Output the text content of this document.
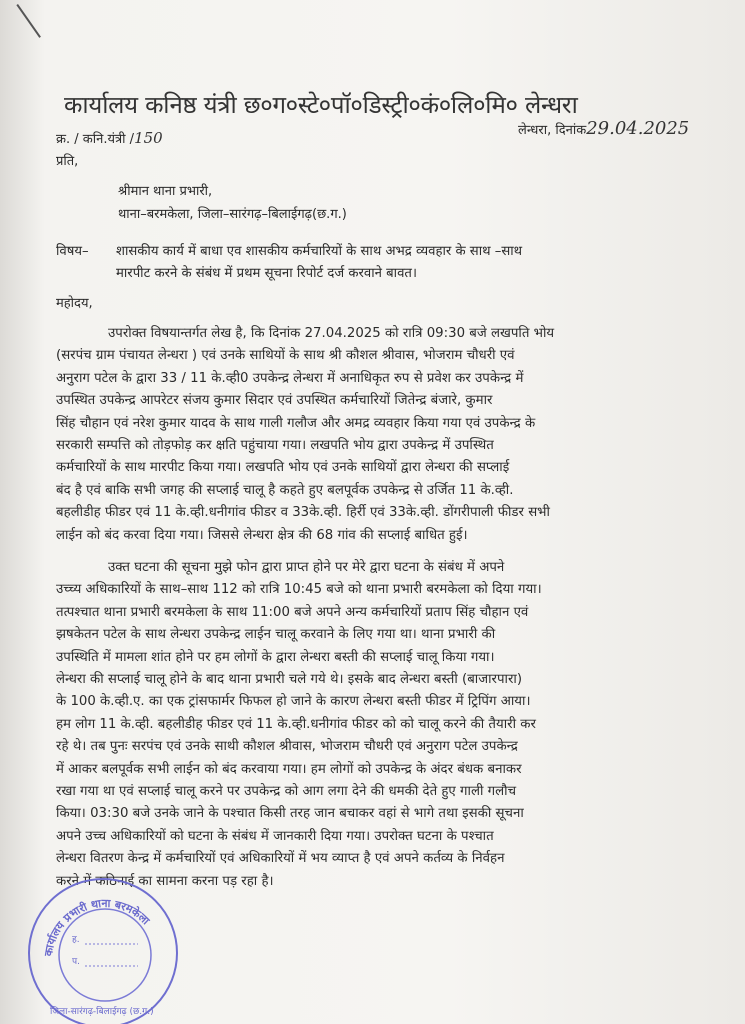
कार्यालय कनिष्ठ यंत्री छ०ग०स्टे०पॉ०डिस्ट्री०कं०लि०मि० लेन्धरा
क्र. / कनि.यंत्री /150	लेन्धरा, दिनांक29.04.2025
प्रति,
श्रीमान थाना प्रभारी,
थाना–बरमकेला, जिला–सारंगढ़–बिलाईगढ़(छ.ग.)
विषय– शासकीय कार्य में बाधा एव शासकीय कर्मचारियों के साथ अभद्र व्यवहार के साथ –साथ
मारपीट करने के संबंध में प्रथम सूचना रिपोर्ट दर्ज करवाने बावत।
महोदय,
उपरोक्त विषयान्तर्गत लेख है, कि दिनांक 27.04.2025 को रात्रि 09:30 बजे लखपति भोय
(सरपंच ग्राम पंचायत लेन्धरा ) एवं उनके साथियों के साथ श्री कौशल श्रीवास, भोजराम चौधरी एवं
अनुराग पटेल के द्वारा 33 / 11 के.व्ही0 उपकेन्द्र लेन्धरा में अनाधिकृत रुप से प्रवेश कर उपकेन्द्र में
उपस्थित उपकेन्द्र आपरेटर संजय कुमार सिदार एवं उपस्थित कर्मचारियों जितेन्द्र बंजारे, कुमार
सिंह चौहान एवं नरेश कुमार यादव के साथ गाली गलौज और अमद्र व्यवहार किया गया एवं उपकेन्द्र के
सरकारी सम्पत्ति को तोड़फोड़ कर क्षति पहुंचाया गया। लखपति भोय द्वारा उपकेन्द्र में उपस्थित
कर्मचारियों के साथ मारपीट किया गया। लखपति भोय एवं उनके साथियों द्वारा लेन्धरा की सप्लाई
बंद है एवं बाकि सभी जगह की सप्लाई चालू है कहते हुए बलपूर्वक उपकेन्द्र से उर्जित 11 के.व्ही.
बहलीडीह फीडर एवं 11 के.व्ही.धनीगांव फीडर व 33के.व्ही. हिर्री एवं 33के.व्ही. डोंगरीपाली फीडर सभी
लाईन को बंद करवा दिया गया। जिससे लेन्धरा क्षेत्र की 68 गांव की सप्लाई बाधित हुई।
उक्त घटना की सूचना मुझे फोन द्वारा प्राप्त होने पर मेरे द्वारा घटना के संबंध में अपने
उच्च्य अधिकारियों के साथ–साथ 112 को रात्रि 10:45 बजे को थाना प्रभारी बरमकेला को दिया गया।
तत्पश्चात थाना प्रभारी बरमकेला के साथ 11:00 बजे अपने अन्य कर्मचारियों प्रताप सिंह चौहान एवं
झषकेतन पटेल के साथ लेन्धरा उपकेन्द्र लाईन चालू करवाने के लिए गया था। थाना प्रभारी की
उपस्थिति में मामला शांत होने पर हम लोगों के द्वारा लेन्धरा बस्ती की सप्लाई चालू किया गया।
लेन्धरा की सप्लाई चालू होने के बाद थाना प्रभारी चले गये थे। इसके बाद लेन्धरा बस्ती (बाजारपारा)
के 100 के.व्ही.ए. का एक ट्रांसफार्मर फिफल हो जाने के कारण लेन्धरा बस्ती फीडर में ट्रिपिंग आया।
हम लोग 11 के.व्ही. बहलीडीह फीडर एवं 11 के.व्ही.धनीगांव फीडर को को चालू करने की तैयारी कर
रहे थे। तब पुनः सरपंच एवं उनके साथी कौशल श्रीवास, भोजराम चौधरी एवं अनुराग पटेल उपकेन्द्र
में आकर बलपूर्वक सभी लाईन को बंद करवाया गया। हम लोगों को उपकेन्द्र के अंदर बंधक बनाकर
रखा गया था एवं सप्लाई चालू करने पर उपकेन्द्र को आग लगा देने की धमकी देते हुए गाली गलौच
किया। 03:30 बजे उनके जाने के पश्चात किसी तरह जान बचाकर वहां से भागे तथा इसकी सूचना
अपने उच्च अधिकारियों को घटना के संबंध में जानकारी दिया गया। उपरोक्त घटना के पश्चात
लेन्धरा वितरण केन्द्र में कर्मचारियों एवं अधिकारियों में भय व्याप्त है एवं अपने कर्तव्य के निर्वहन
करने में कठिनाई का सामना करना पड़ रहा है।
कार्यालय प्रभारी थाना बरमकेला
ह.
प.
जिला-सारंगढ़-बिलाईगढ़ (छ.ग.)
